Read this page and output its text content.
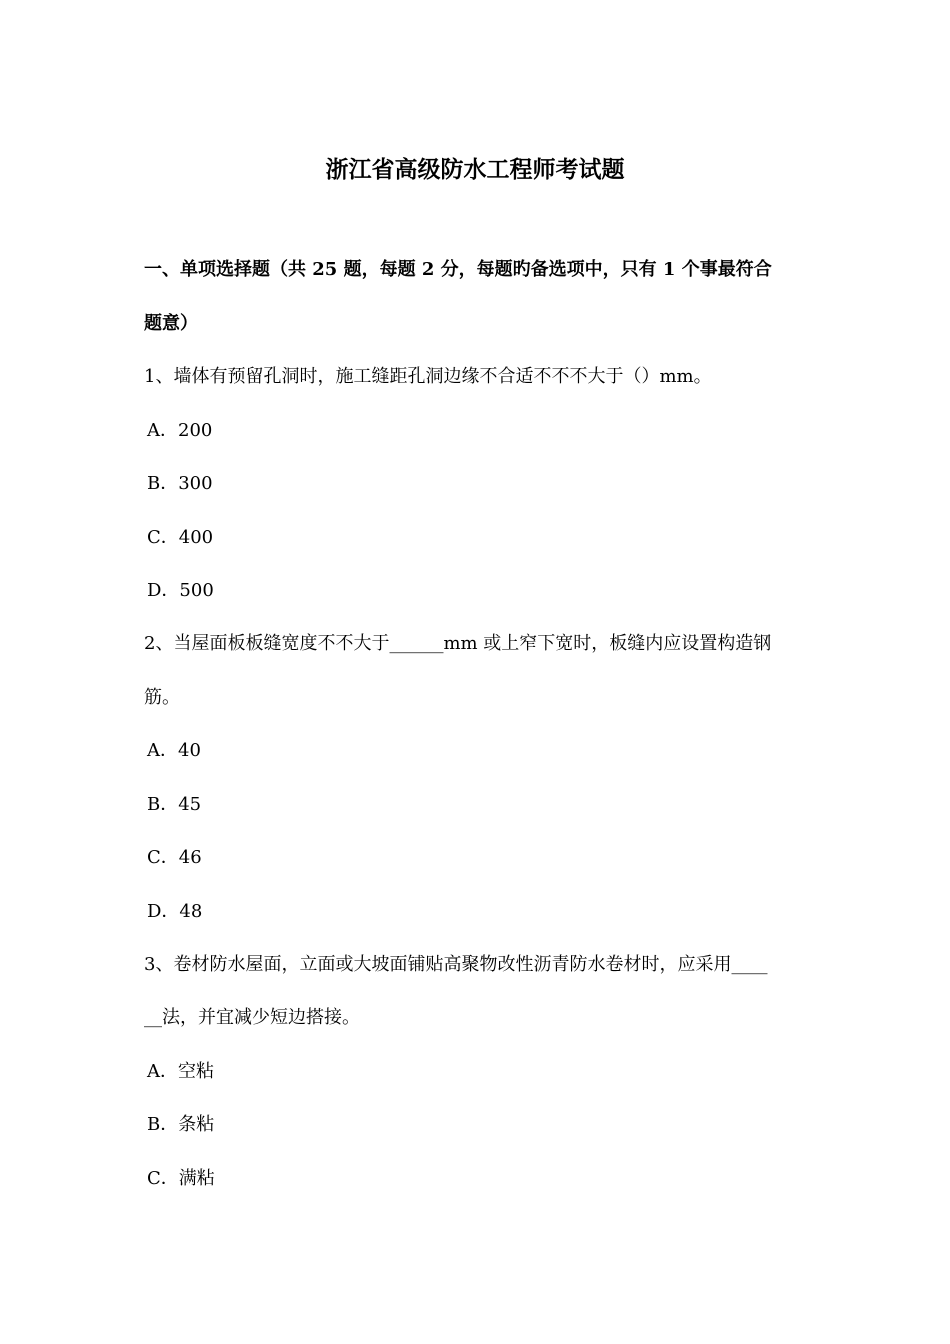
浙江省高级防水工程师考试题
一、单项选择题（共 25 题，每题 2 分，每题旳备选项中，只有 1 个事最符合
题意）
1、墙体有预留孔洞时，施工缝距孔洞边缘不合适不不不大于（）mm。
A．200
B．300
C．400
D．500
2、当屋面板板缝宽度不不大于______mm 或上窄下宽时，板缝内应设置构造钢
筋。
A．40
B．45
C．46
D．48
3、卷材防水屋面，立面或大坡面铺贴高聚物改性沥青防水卷材时，应采用____
__法，并宜减少短边搭接。
A．空粘
B．条粘
C．满粘
